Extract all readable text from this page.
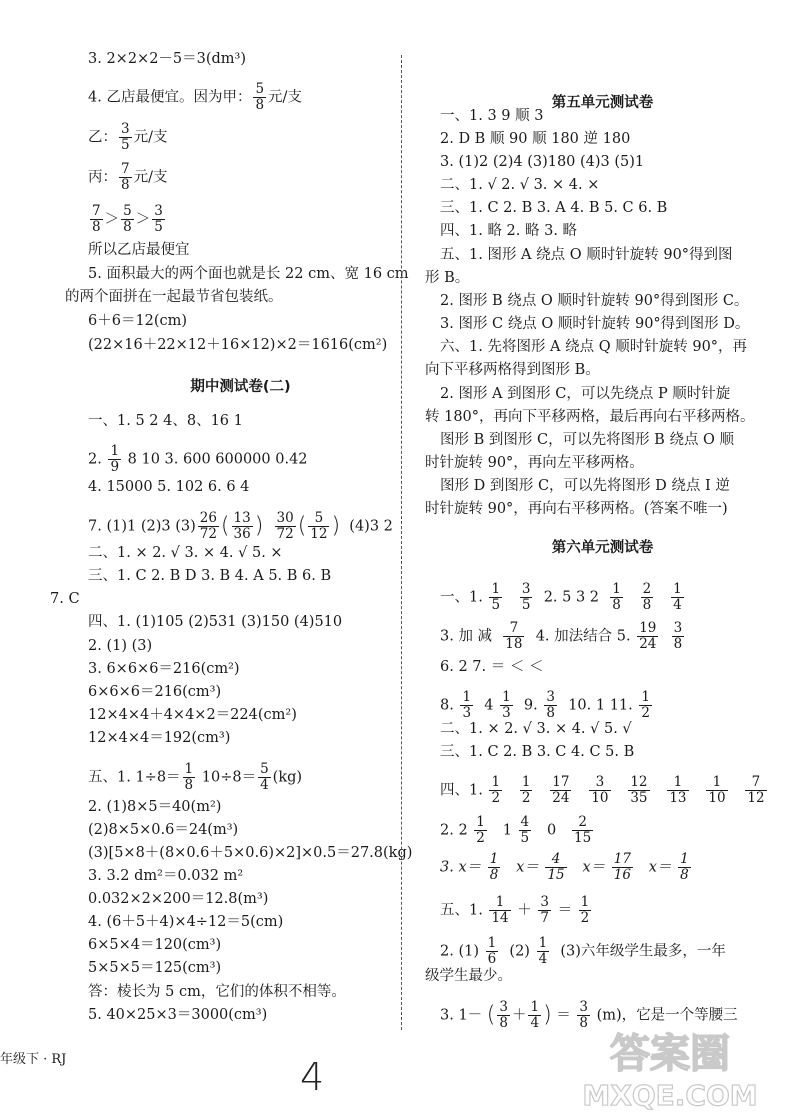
3. 2×2×2－5＝3(dm³)
4. 乙店最便宜。因为甲： $\frac{5}{8}$ 元/支
乙： $\frac{3}{5}$ 元/支
丙： $\frac{7}{8}$ 元/支
$\frac{7}{8} > \frac{5}{8} > \frac{3}{5}$
所以乙店最便宜
5. 面积最大的两个面也就是长 22 cm、宽 16 cm
的两个面拼在一起最节省包装纸。
6＋6＝12(cm)
(22×16＋22×12＋16×12)×2＝1616(cm²)
期中测试卷(二)
一、1. 5 2 4、8、16 1
2. $\frac{1}{9} 8$ 10 3. 600 600000 0.42
4. 15000 5. 102 6. 6 4
7. (1)1 (2)3 $(3) \frac{26}{72}$ ( $\frac{13}{36}$ ) $\frac{30}{72}$ ( $\frac{5}{12}$ ) (4)3 2
二、1. × 2. √ 3. × 4. √ 5. ×
三、1. C 2. B D 3. B 4. A 5. B 6. B
7. C
四、1. (1)105 (2)531 (3)150 (4)510
2. (1) (3)
3. 6×6×6＝216(cm²)
6×6×6＝216(cm³)
12×4×4＋4×4×2＝224(cm²)
12×4×4＝192(cm³)
五、1. $1\div 8= \frac{1}{8} 10\div 8= \frac{5}{4} (kg)$
2. (1)8×5＝40(m²)
(2)8×5×0.6＝24(m³)
(3)[5×8＋(8×0.6＋5×0.6)×2]×0.5＝27.8(kg)
3. 3.2 dm²＝0.032 m²
0.032×2×200＝12.8(m³)
4. (6＋5＋4)×4÷12＝5(cm)
6×5×4＝120(cm³)
5×5×5＝125(cm³)
答：棱长为 5 cm，它们的体积不相等。
5. 40×25×3＝3000(cm³)
第五单元测试卷
一、1. 3 9 顺 3
2. D B 顺 90 顺 180 逆 180
3. (1)2 (2)4 (3)180 (4)3 (5)1
二、1. √ 2. √ 3. × 4. ×
三、1. C 2. B 3. A 4. B 5. C 6. B
四、1. 略 2. 略 3. 略
五、1. 图形 A 绕点 O 顺时针旋转 90°得到图
形 B。
2. 图形 B 绕点 O 顺时针旋转 90°得到图形 C。
3. 图形 C 绕点 O 顺时针旋转 90°得到图形 D。
六、1. 先将图形 A 绕点 Q 顺时针旋转 90°，再
向下平移两格得到图形 B。
2. 图形 A 到图形 C，可以先绕点 P 顺时针旋
转 180°，再向下平移两格，最后再向右平移两格。
图形 B 到图形 C，可以先将图形 B 绕点 O 顺
时针旋转 90°，再向左平移两格。
图形 D 到图形 C，可以先将图形 D 绕点 I 逆
时针旋转 90°，再向右平移两格。(答案不唯一)
第六单元测试卷
一、1. $\frac{1}{5}$
$\frac{3}{5} 2$. 5 3 $2 \frac{1}{8}$
$\frac{2}{8}$
$\frac{1}{4}$
3. 加 减 $\frac{7}{18} 4$. 加法结合 5. $\frac{19}{24}$
$\frac{3}{8}$
6. 2 7. ＝ ＜ ＜
8. $\frac{1}{3} 4 \frac{1}{3} 9$. $\frac{3}{8} 10$. 1 11. $\frac{1}{2}$
二、1. × 2. √ 3. × 4. √ 5. √
三、1. C 2. B 3. C 4. C 5. B
四、1. $\frac{1}{2}$
$\frac{1}{2}$
$\frac{17}{24}$
$\frac{3}{10}$
$\frac{12}{35}$
$\frac{1}{13}$
$\frac{1}{10}$
$\frac{7}{12}$
2. $2 \frac{1}{2} 1 \frac{4}{5} 0 \frac{2}{15}$
3. $x= \frac{1}{8} x= \frac{4}{15} x= \frac{17}{16} x= \frac{1}{8}$
五、1. $\frac{1}{14} + \frac{3}{7} = \frac{1}{2}$
2. $(1) \frac{1}{6} (2) \frac{1}{4} (3)$六年级学生最多，一年
级学生最少。
3. 1－ ( $\frac{3}{8} + \frac{1}{4}$ ) ＝ $\frac{3}{8} (m)$，它是一个等腰三
年级下 · RJ	4	答案圈
MXQE.COM
